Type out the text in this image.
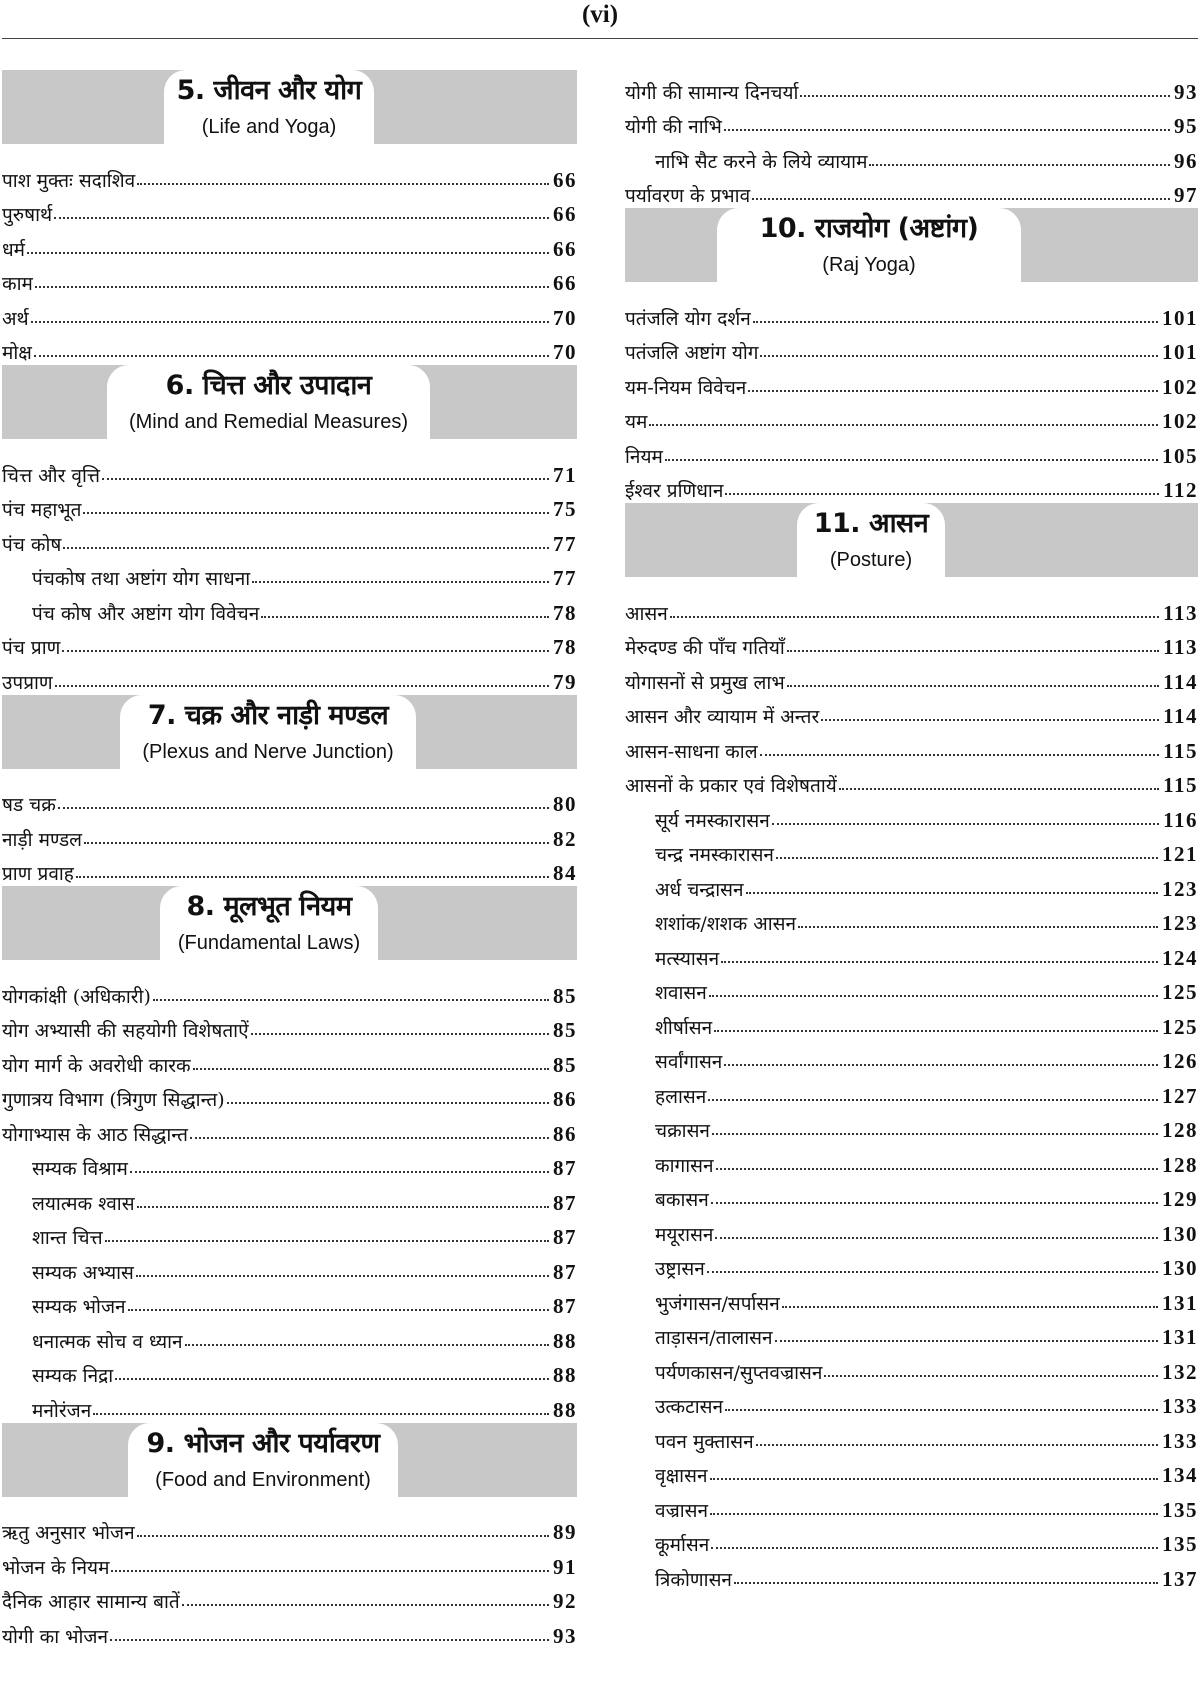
(vi)
5. जीवन और योग
(Life and Yoga)
पाश मुक्तः सदाशिव	66
पुरुषार्थ	66
धर्म	66
काम	66
अर्थ	70
मोक्ष	70
6. चित्त और उपादान
(Mind and Remedial Measures)
चित्त और वृत्ति	71
पंच महाभूत	75
पंच कोष	77
पंचकोष तथा अष्टांग योग साधना	77
पंच कोष और अष्टांग योग विवेचन	78
पंच प्राण	78
उपप्राण	79
7. चक्र और नाड़ी मण्डल
(Plexus and Nerve Junction)
षड चक्र	80
नाड़ी मण्डल	82
प्राण प्रवाह	84
8. मूलभूत नियम
(Fundamental Laws)
योगकांक्षी (अधिकारी)	85
योग अभ्यासी की सहयोगी विशेषताऐं	85
योग मार्ग के अवरोधी कारक	85
गुणात्रय विभाग (त्रिगुण सिद्धान्त)	86
योगाभ्यास के आठ सिद्धान्त	86
सम्यक विश्राम	87
लयात्मक श्वास	87
शान्त चित्त	87
सम्यक अभ्यास	87
सम्यक भोजन	87
धनात्मक सोच व ध्यान	88
सम्यक निद्रा	88
मनोरंजन	88
9. भोजन और पर्यावरण
(Food and Environment)
ऋतु अनुसार भोजन	89
भोजन के नियम	91
दैनिक आहार सामान्य बातें	92
योगी का भोजन	93
योगी की सामान्य दिनचर्या	93
योगी की नाभि	95
नाभि सैट करने के लिये व्यायाम	96
पर्यावरण के प्रभाव	97
10. राजयोग (अष्टांग)
(Raj Yoga)
पतंजलि योग दर्शन	101
पतंजलि अष्टांग योग	101
यम-नियम विवेचन	102
यम	102
नियम	105
ईश्वर प्रणिधान	112
11. आसन
(Posture)
आसन	113
मेरुदण्ड की पाँच गतियाँ	113
योगासनों से प्रमुख लाभ	114
आसन और व्यायाम में अन्तर	114
आसन-साधना काल	115
आसनों के प्रकार एवं विशेषतायें	115
सूर्य नमस्कारासन	116
चन्द्र नमस्कारासन	121
अर्ध चन्द्रासन	123
शशांक/शशक आसन	123
मत्स्यासन	124
शवासन	125
शीर्षासन	125
सर्वांगासन	126
हलासन	127
चक्रासन	128
कागासन	128
बकासन	129
मयूरासन	130
उष्ट्रासन	130
भुजंगासन/सर्पासन	131
ताड़ासन/तालासन	131
पर्यणकासन/सुप्तवज्रासन	132
उत्कटासन	133
पवन मुक्तासन	133
वृक्षासन	134
वज्रासन	135
कूर्मासन	135
त्रिकोणासन	137
